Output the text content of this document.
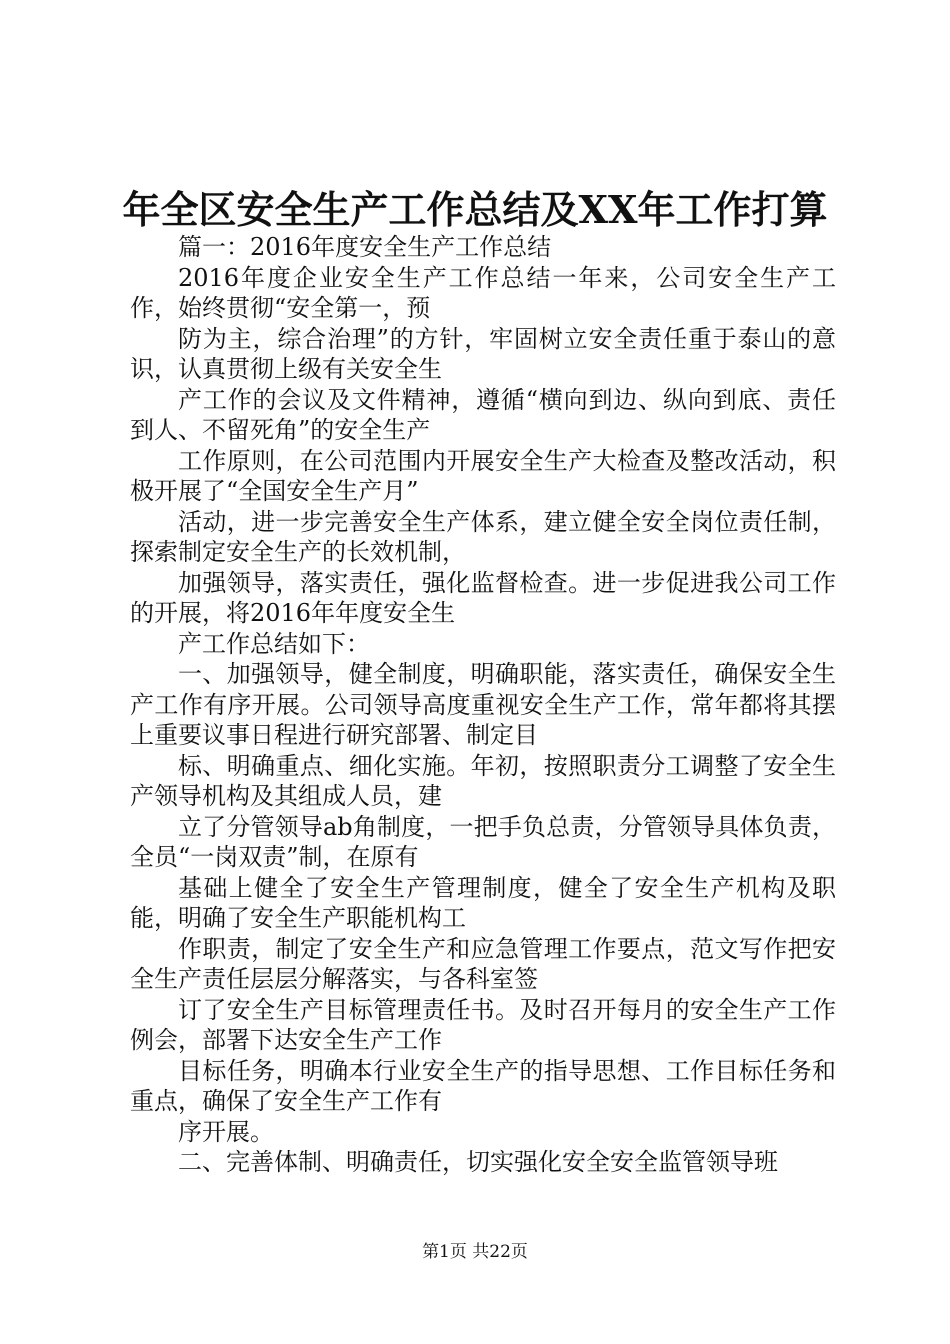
年全区安全生产工作总结及XX年工作打算

篇一：2016年度安全生产工作总结

2016年度企业安全生产工作总结一年来，公司安全生产工作，始终贯彻“安全第一，预

防为主，综合治理”的方针，牢固树立安全责任重于泰山的意识，认真贯彻上级有关安全生

产工作的会议及文件精神，遵循“横向到边、纵向到底、责任到人、不留死角”的安全生产

工作原则，在公司范围内开展安全生产大检查及整改活动，积极开展了“全国安全生产月”

活动，进一步完善安全生产体系，建立健全安全岗位责任制，探索制定安全生产的长效机制，

加强领导，落实责任，强化监督检查。进一步促进我公司工作的开展，将2016年年度安全生

产工作总结如下：

一、加强领导，健全制度，明确职能，落实责任，确保安全生产工作有序开展。公司领导高度重视安全生产工作，常年都将其摆上重要议事日程进行研究部署、制定目

标、明确重点、细化实施。年初，按照职责分工调整了安全生产领导机构及其组成人员，建

立了分管领导ab角制度，一把手负总责，分管领导具体负责，全员“一岗双责”制，在原有

基础上健全了安全生产管理制度，健全了安全生产机构及职能，明确了安全生产职能机构工

作职责，制定了安全生产和应急管理工作要点，范文写作把安全生产责任层层分解落实，与各科室签

订了安全生产目标管理责任书。及时召开每月的安全生产工作例会，部署下达安全生产工作

目标任务，明确本行业安全生产的指导思想、工作目标任务和重点，确保了安全生产工作有

序开展。

二、完善体制、明确责任，切实强化安全安全监管领导班

第1页 共22页
